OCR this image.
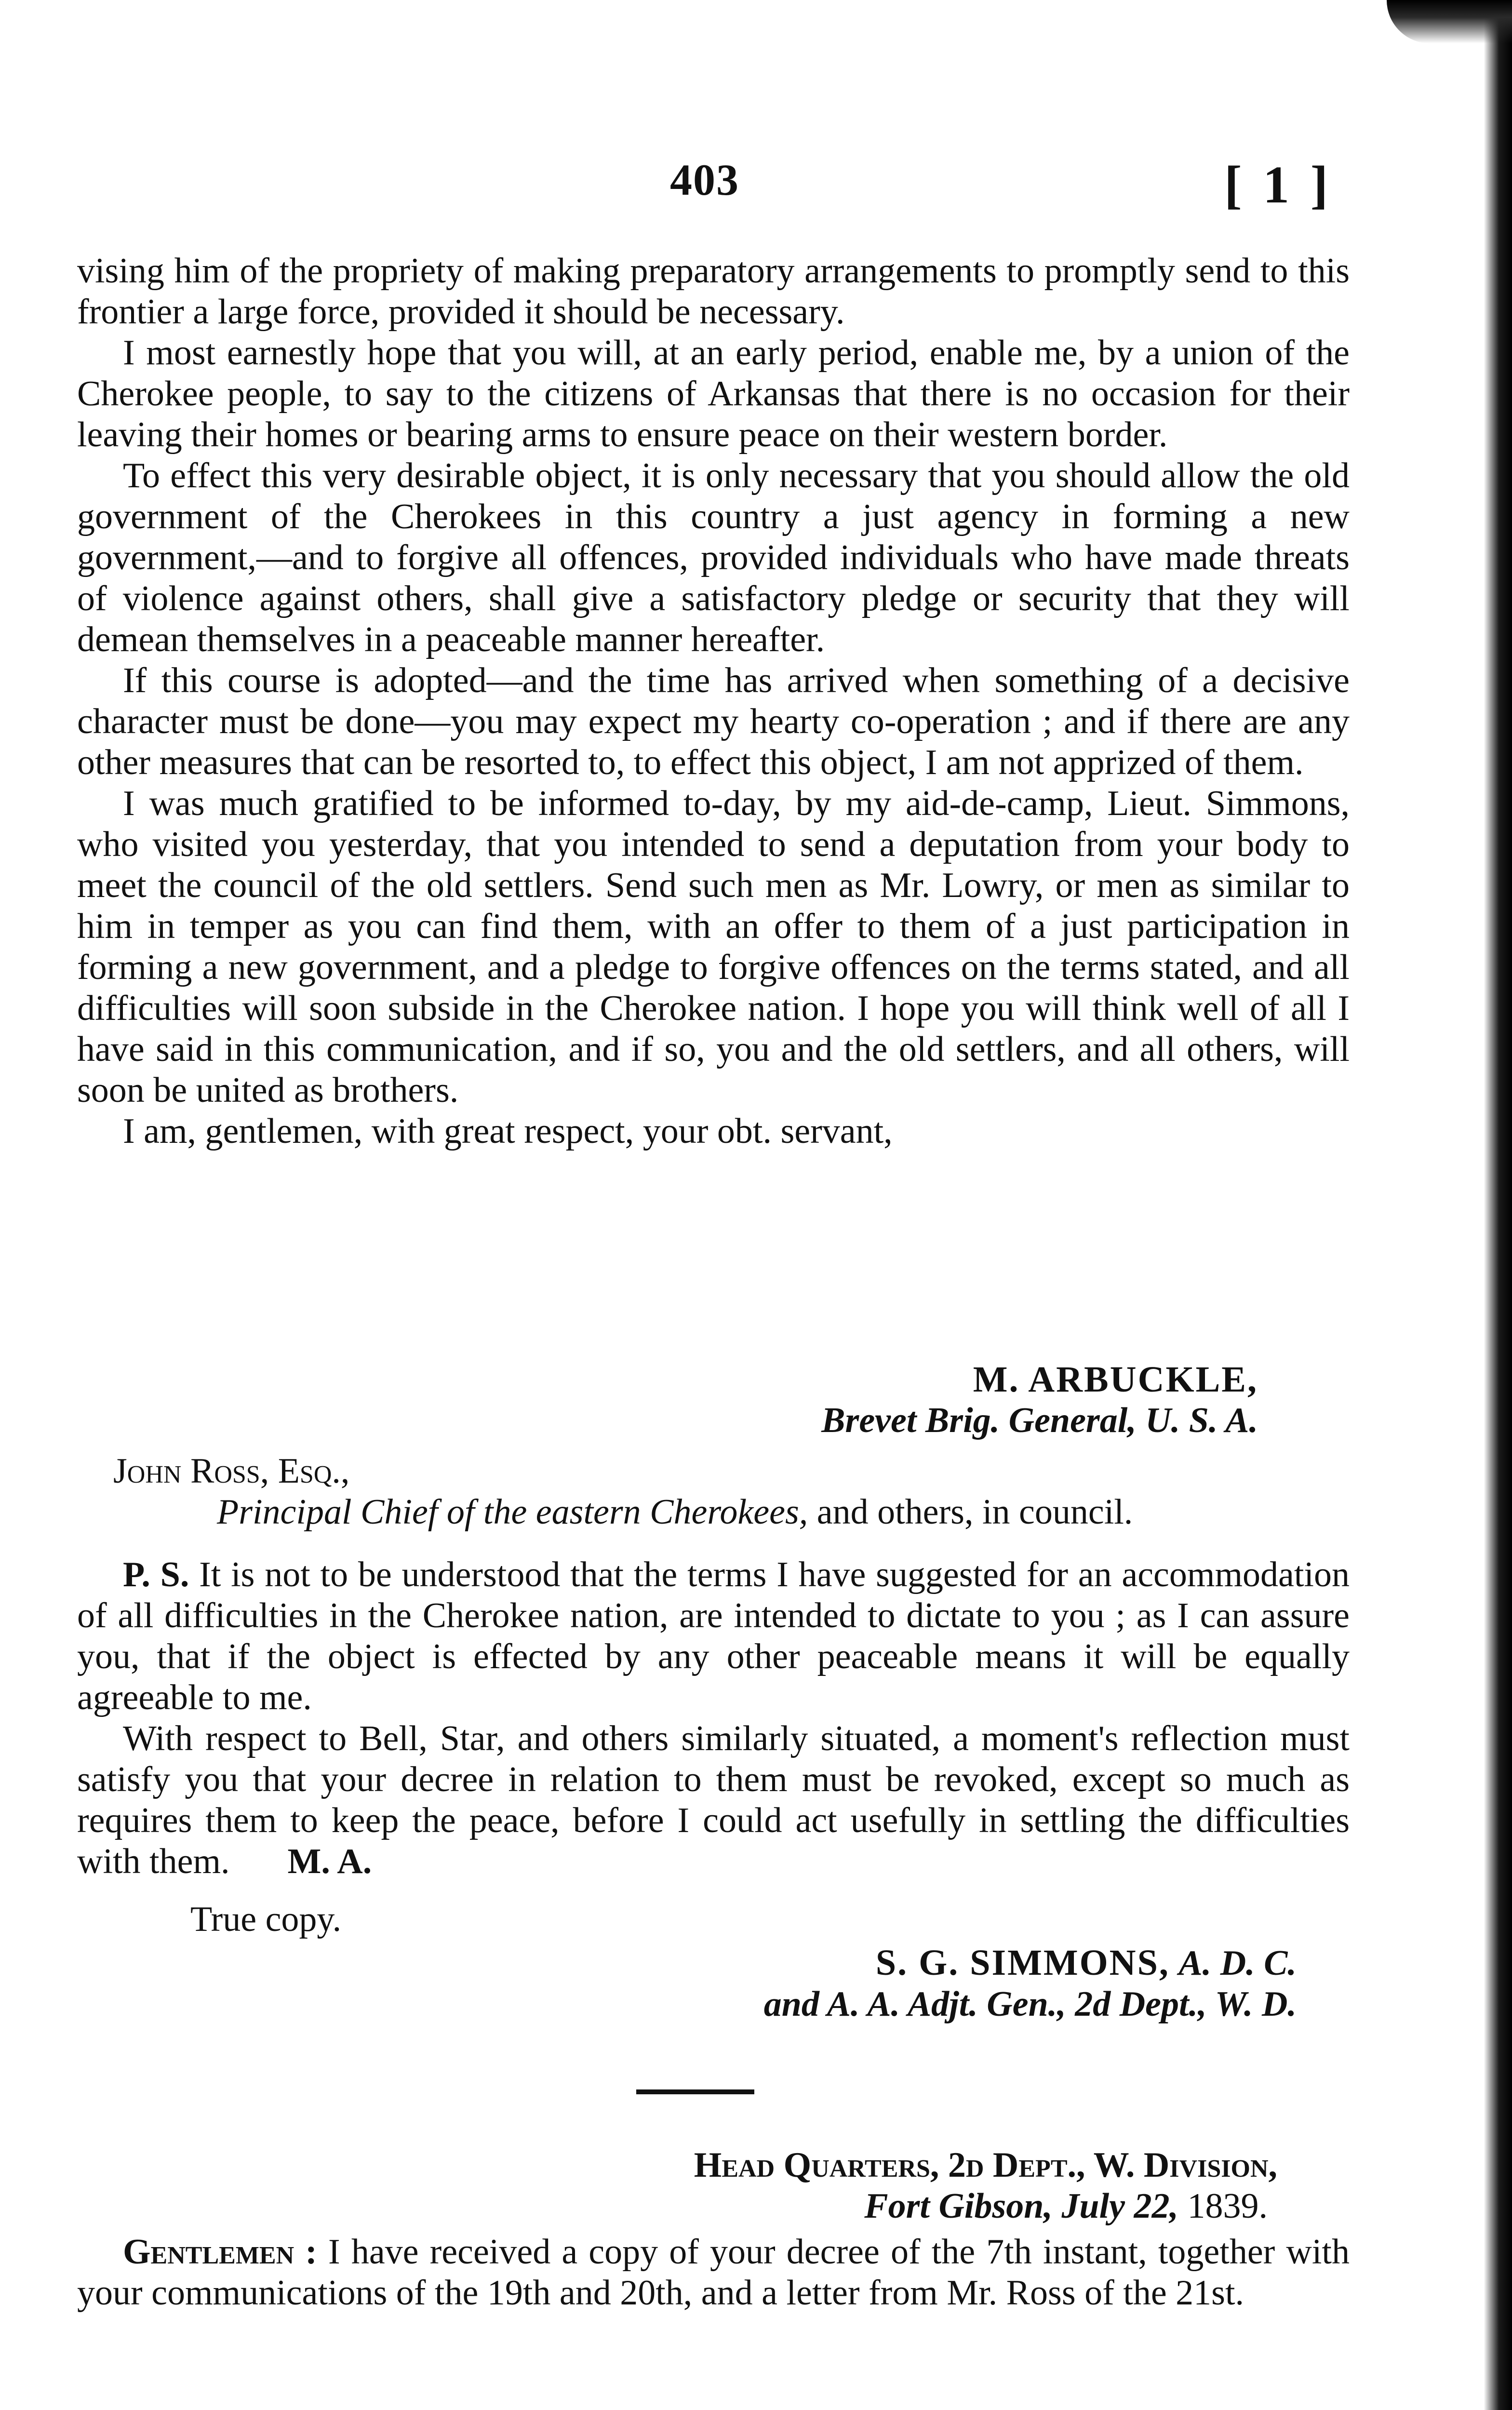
403	[ 1 ]

vising him of the propriety of making preparatory arrangements to promptly send to this frontier a large force, provided it should be necessary.

I most earnestly hope that you will, at an early period, enable me, by a union of the Cherokee people, to say to the citizens of Arkansas that there is no occasion for their leaving their homes or bearing arms to ensure peace on their western border.

To effect this very desirable object, it is only necessary that you should allow the old government of the Cherokees in this country a just agency in forming a new government,—and to forgive all offences, provided individuals who have made threats of violence against others, shall give a satisfactory pledge or security that they will demean themselves in a peaceable manner hereafter.

If this course is adopted—and the time has arrived when something of a decisive character must be done—you may expect my hearty co-operation ; and if there are any other measures that can be resorted to, to effect this object, I am not apprized of them.

I was much gratified to be informed to-day, by my aid-de-camp, Lieut. Simmons, who visited you yesterday, that you intended to send a deputation from your body to meet the council of the old settlers. Send such men as Mr. Lowry, or men as similar to him in temper as you can find them, with an offer to them of a just participation in forming a new government, and a pledge to forgive offences on the terms stated, and all difficulties will soon subside in the Cherokee nation. I hope you will think well of all I have said in this communication, and if so, you and the old settlers, and all others, will soon be united as brothers.

I am, gentlemen, with great respect, your obt. servant,

M. ARBUCKLE,
Brevet Brig. General, U. S. A.
John Ross, Esq.,
Principal Chief of the eastern Cherokees, and others, in council.

P. S. It is not to be understood that the terms I have suggested for an accommodation of all difficulties in the Cherokee nation, are intended to dictate to you ; as I can assure you, that if the object is effected by any other peaceable means it will be equally agreeable to me.

With respect to Bell, Star, and others similarly situated, a moment's reflection must satisfy you that your decree in relation to them must be revoked, except so much as requires them to keep the peace, before I could act usefully in settling the difficulties with them. M. A.

True copy.
S. G. SIMMONS, A. D. C.
and A. A. Adjt. Gen., 2d Dept., W. D.
Head Quarters, 2d Dept., W. Division,
Fort Gibson, July 22, 1839.

Gentlemen : I have received a copy of your decree of the 7th instant, together with your communications of the 19th and 20th, and a letter from Mr. Ross of the 21st.
